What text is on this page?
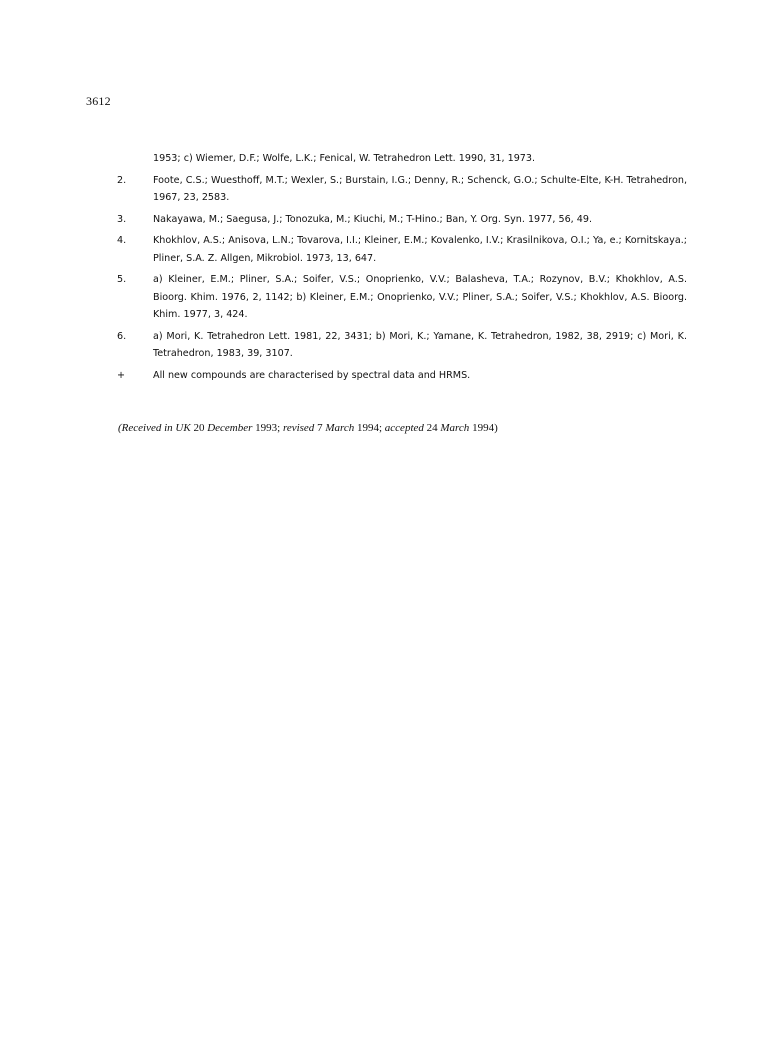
3612
1953; c) Wiemer, D.F.; Wolfe, L.K.; Fenical, W. Tetrahedron Lett. 1990, 31, 1973.
2.	Foote, C.S.; Wuesthoff, M.T.; Wexler, S.; Burstain, I.G.; Denny, R.; Schenck, G.O.; Schulte-Elte, K-H. Tetrahedron, 1967, 23, 2583.
3.	Nakayawa, M.; Saegusa, J.; Tonozuka, M.; Kiuchi, M.; T-Hino.; Ban, Y. Org. Syn. 1977, 56, 49.
4.	Khokhlov, A.S.; Anisova, L.N.; Tovarova, I.I.; Kleiner, E.M.; Kovalenko, I.V.; Krasilnikova, O.I.; Ya, e.; Kornitskaya.; Pliner, S.A. Z. Allgen, Mikrobiol. 1973, 13, 647.
5.	a) Kleiner, E.M.; Pliner, S.A.; Soifer, V.S.; Onoprienko, V.V.; Balasheva, T.A.; Rozynov, B.V.; Khokhlov, A.S. Bioorg. Khim. 1976, 2, 1142; b) Kleiner, E.M.; Onoprienko, V.V.; Pliner, S.A.; Soifer, V.S.; Khokhlov, A.S. Bioorg. Khim. 1977, 3, 424.
6.	a) Mori, K. Tetrahedron Lett. 1981, 22, 3431; b) Mori, K.; Yamane, K. Tetrahedron, 1982, 38, 2919; c) Mori, K. Tetrahedron, 1983, 39, 3107.
+	All new compounds are characterised by spectral data and HRMS.
(Received in UK 20 December 1993; revised 7 March 1994; accepted 24 March 1994)
